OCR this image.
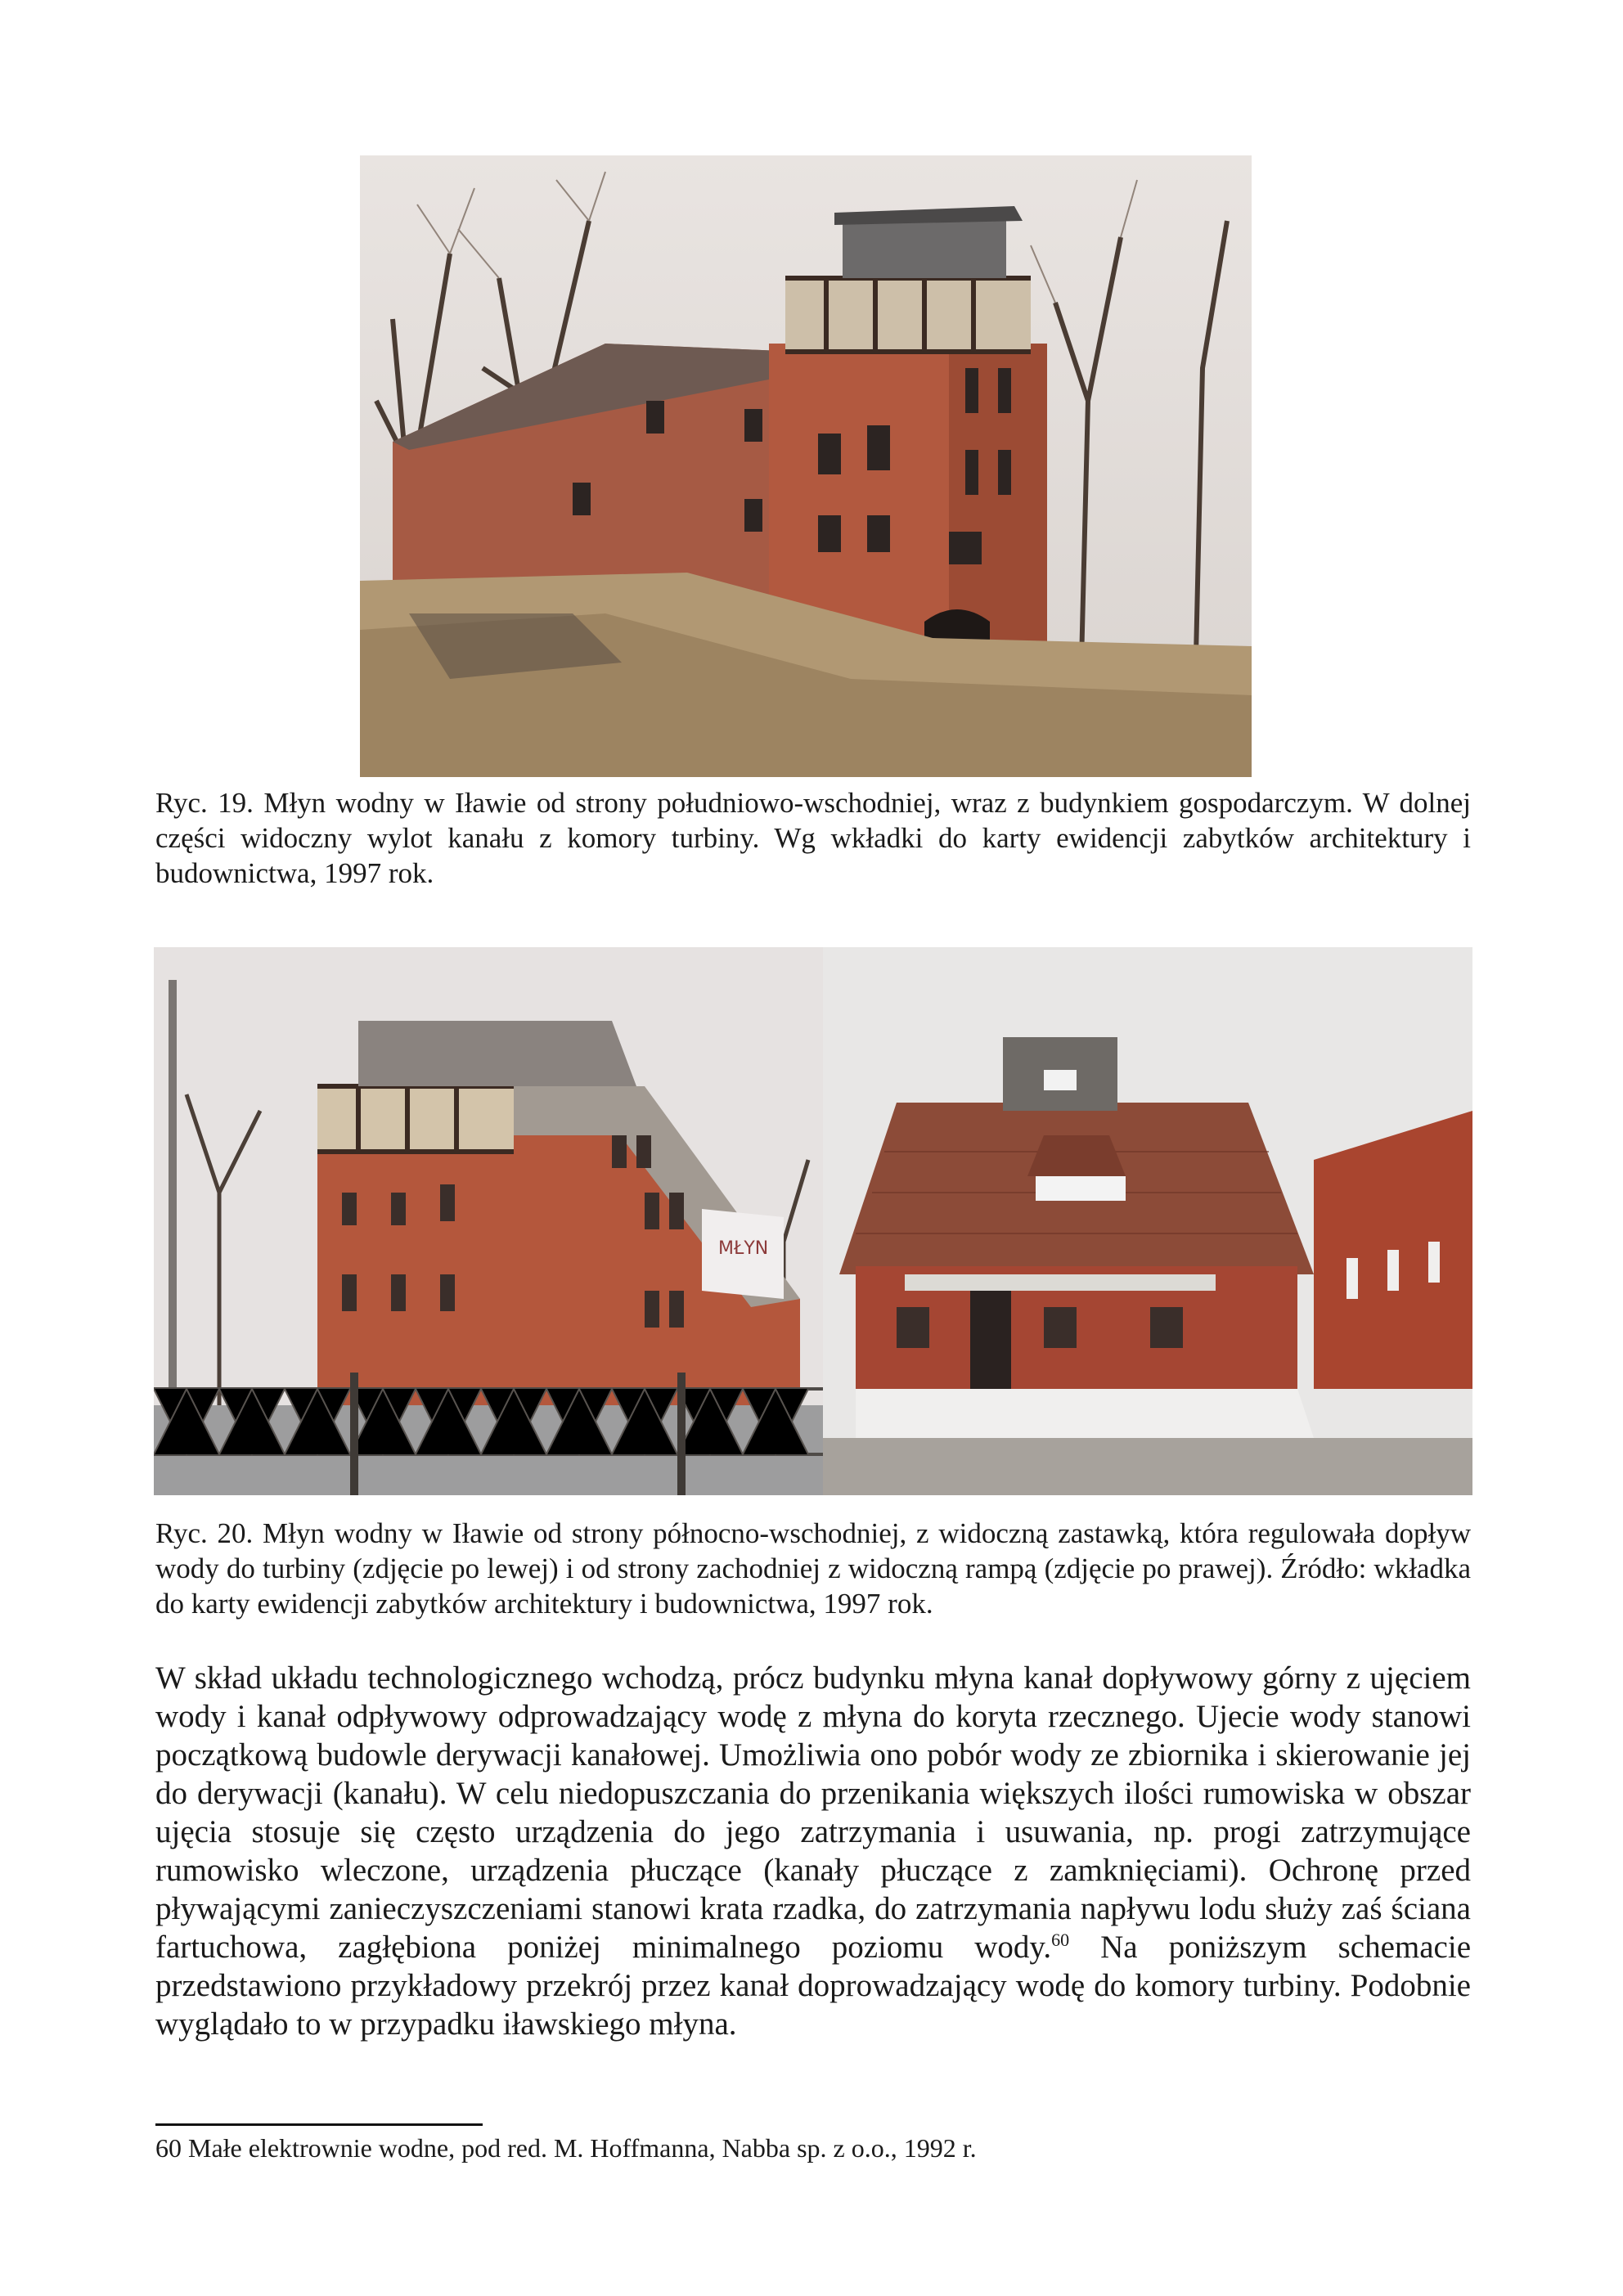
Ryc. 19. Młyn wodny w Iławie od strony południowo-wschodniej, wraz z budynkiem gospodarczym. W dolnej części widoczny wylot kanału z komory turbiny. Wg wkładki do karty ewidencji zabytków architektury i budownictwa, 1997 rok.

MŁYN

Ryc. 20. Młyn wodny w Iławie od strony północno-wschodniej, z widoczną zastawką, która regulowała dopływ wody do turbiny (zdjęcie po lewej) i od strony zachodniej z widoczną rampą (zdjęcie po prawej). Źródło: wkładka do karty ewidencji zabytków architektury i budownictwa, 1997 rok.

W skład układu technologicznego wchodzą, prócz budynku młyna kanał dopływowy górny z ujęciem wody i kanał odpływowy odprowadzający wodę z młyna do koryta rzecznego. Ujecie wody stanowi początkową budowle derywacji kanałowej. Umożliwia ono pobór wody ze zbiornika i skierowanie jej do derywacji (kanału). W celu niedopuszczania do przenikania większych ilości rumowiska w obszar ujęcia stosuje się często urządzenia do jego zatrzymania i usuwania, np. progi zatrzymujące rumowisko wleczone, urządzenia płuczące (kanały płuczące z zamknięciami). Ochronę przed pływającymi zanieczyszczeniami stanowi krata rzadka, do zatrzymania napływu lodu służy zaś ściana fartuchowa, zagłębiona poniżej minimalnego poziomu wody.$^{60}$ Na poniższym schemacie przedstawiono przykładowy przekrój przez kanał doprowadzający wodę do komory turbiny. Podobnie wyglądało to w przypadku iławskiego młyna.

60 Małe elektrownie wodne, pod red. M. Hoffmanna, Nabba sp. z o.o., 1992 r.
